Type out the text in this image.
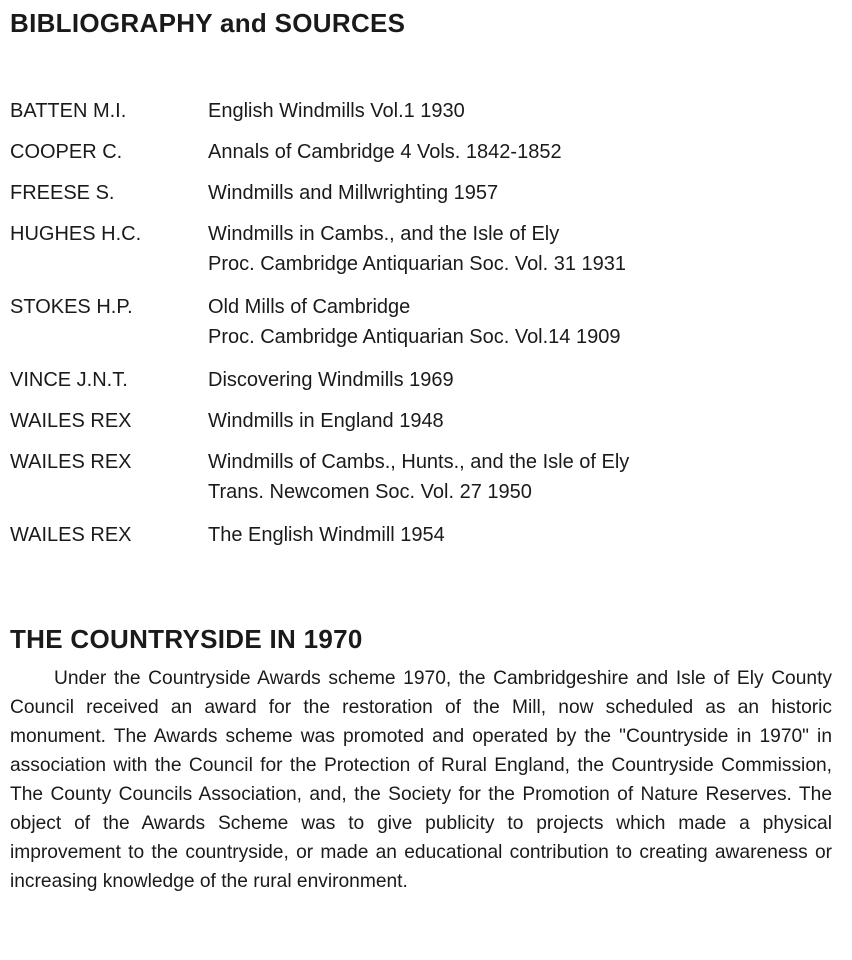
BIBLIOGRAPHY and SOURCES
BATTEN M.I.	English Windmills Vol.1 1930
COOPER C.	Annals of Cambridge 4 Vols. 1842-1852
FREESE S.	Windmills and Millwrighting 1957
HUGHES H.C.	Windmills in Cambs., and the Isle of Ely
Proc. Cambridge Antiquarian Soc. Vol. 31 1931
STOKES H.P.	Old Mills of Cambridge
Proc. Cambridge Antiquarian Soc. Vol.14 1909
VINCE J.N.T.	Discovering Windmills 1969
WAILES REX	Windmills in England 1948
WAILES REX	Windmills of Cambs., Hunts., and the Isle of Ely
Trans. Newcomen Soc. Vol. 27 1950
WAILES REX	The English Windmill 1954
THE COUNTRYSIDE IN 1970

Under the Countryside Awards scheme 1970, the Cambridgeshire and Isle of Ely County Council received an award for the restoration of the Mill, now scheduled as an historic monument. The Awards scheme was promoted and operated by the "Countryside in 1970" in association with the Council for the Protection of Rural England, the Countryside Commission, The County Councils Association, and, the Society for the Promotion of Nature Reserves. The object of the Awards Scheme was to give publicity to projects which made a physical improvement to the countryside, or made an educational contribution to creating awareness or increasing knowledge of the rural environment.
